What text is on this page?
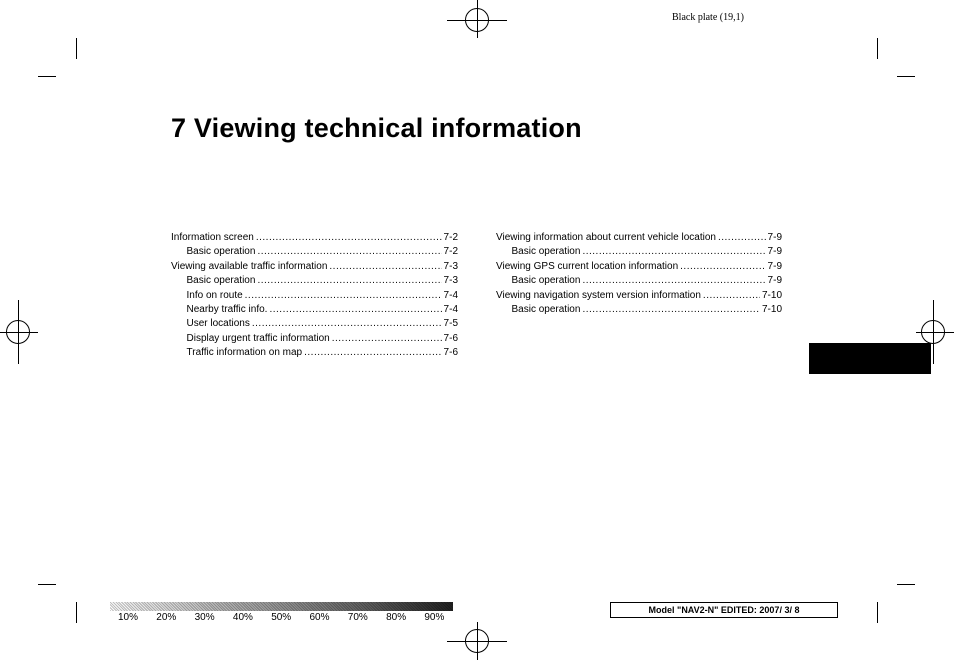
Black plate (19,1)
7 Viewing technical information
Information screen .....	7-2
Basic operation .....	7-2
Viewing available traffic information .....	7-3
Basic operation .....	7-3
Info on route .....	7-4
Nearby traffic info. .....	7-4
User locations .....	7-5
Display urgent traffic information .....	7-6
Traffic information on map .....	7-6
Viewing information about current vehicle location .....	7-9
Basic operation .....	7-9
Viewing GPS current location information .....	7-9
Basic operation .....	7-9
Viewing navigation system version information .....	7-10
Basic operation .....	7-10
10% 20% 30% 40% 50% 60% 70% 80% 90%
Model "NAV2-N" EDITED: 2007/ 3/ 8
